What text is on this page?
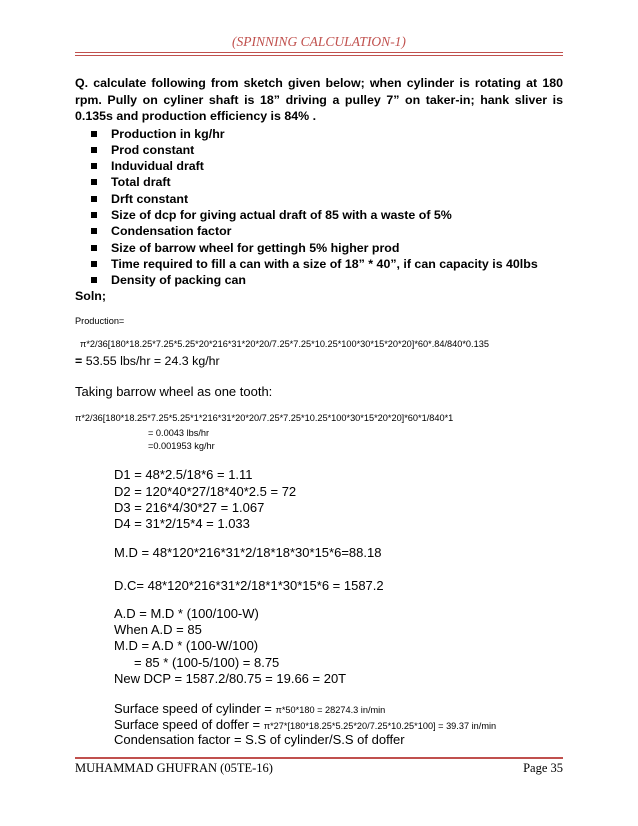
(SPINNING CALCULATION-1)

Q. calculate following from sketch given below; when cylinder is rotating at 180 rpm. Pully on cyliner shaft is 18” driving a pulley 7” on taker-in; hank sliver is 0.135s and production efficiency is 84% .

Production in kg/hr
Prod constant
Induvidual draft
Total draft
Drft constant
Size of dcp for giving actual draft of 85 with a waste of 5%
Condensation factor
Size of barrow wheel for gettingh 5% higher prod
Time required to fill a can with a size of 18” * 40”, if can capacity is 40lbs
Density of packing can
Soln;
Production=
π*2/36[180*18.25*7.25*5.25*20*216*31*20*20/7.25*7.25*10.25*100*30*15*20*20]*60*.84/840*0.135
= 53.55 lbs/hr = 24.3 kg/hr
Taking barrow wheel as one tooth:
π*2/36[180*18.25*7.25*5.25*1*216*31*20*20/7.25*7.25*10.25*100*30*15*20*20]*60*1/840*1
= 0.0043 lbs/hr
=0.001953 kg/hr
D1 = 48*2.5/18*6 = 1.11
D2 = 120*40*27/18*40*2.5 = 72
D3 = 216*4/30*27 = 1.067
D4 = 31*2/15*4 = 1.033
M.D = 48*120*216*31*2/18*18*30*15*6=88.18
D.C= 48*120*216*31*2/18*1*30*15*6 = 1587.2
A.D = M.D * (100/100-W)
When A.D = 85
M.D = A.D * (100-W/100)
= 85 * (100-5/100) = 8.75
New DCP = 1587.2/80.75 = 19.66 = 20T
Surface speed of cylinder = π*50*180 = 28274.3 in/min
Surface speed of doffer = π*27*[180*18.25*5.25*20/7.25*10.25*100] = 39.37 in/min
Condensation factor = S.S of cylinder/S.S of doffer
MUHAMMAD GHUFRAN (05TE-16)	Page 35
